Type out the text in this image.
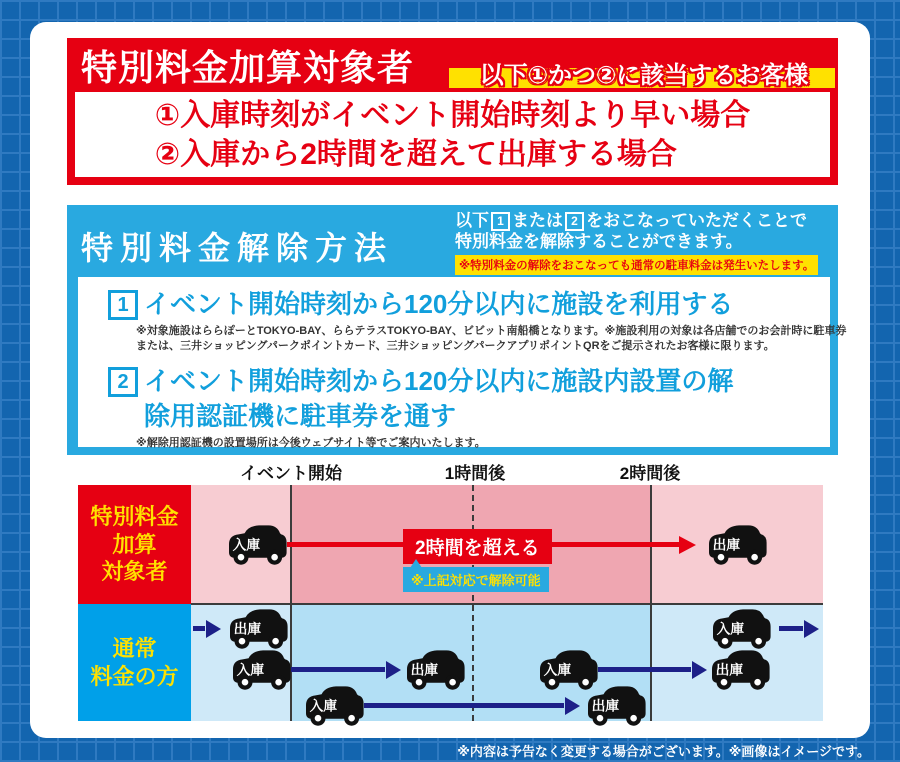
特別料金加算対象者	以下①かつ②に該当するお客様
①入庫時刻がイベント開始時刻より早い場合
②入庫から2時間を超えて出庫する場合
特別料金解除方法
以下 1 または 2 をおこなっていただくことで
特別料金を解除することができます。
※特別料金の解除をおこなっても通常の駐車料金は発生いたします。
1 イベント開始時刻から120分以内に施設を利用する
※対象施設はららぽーとTOKYO-BAY、ららテラスTOKYO-BAY、ビビット南船橋となります。※施設利用の対象は各店舗でのお会計時に駐車券または、三井ショッピングパークポイントカード、三井ショッピングパークアプリポイントQRをご提示されたお客様に限ります。
2 イベント開始時刻から120分以内に施設内設置の解除用認証機に駐車券を通す
※解除用認証機の設置場所は今後ウェブサイト等でご案内いたします。
イベント開始	1時間後	2時間後
特別料金
加算
対象者
通常
料金の方
入庫	出庫
2時間を超える
※上記対応で解除可能
出庫	入庫
入庫	出庫	入庫	出庫
入庫	出庫
※内容は予告なく変更する場合がございます。※画像はイメージです。
